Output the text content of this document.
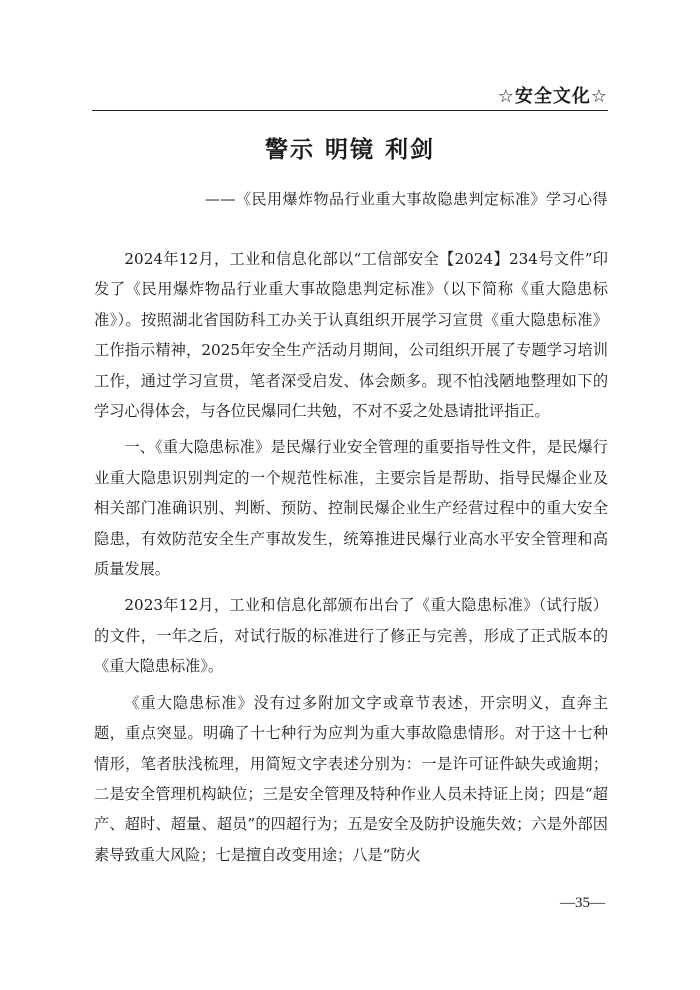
☆安全文化☆
警示 明镜 利剑
——《民用爆炸物品行业重大事故隐患判定标准》学习心得

2024年12月，工业和信息化部以“工信部安全【2024】234号文件”印发了《民用爆炸物品行业重大事故隐患判定标准》（以下简称《重大隐患标准》）。按照湖北省国防科工办关于认真组织开展学习宣贯《重大隐患标准》工作指示精神，2025年安全生产活动月期间，公司组织开展了专题学习培训工作，通过学习宣贯，笔者深受启发、体会颇多。现不怕浅陋地整理如下的学习心得体会，与各位民爆同仁共勉，不对不妥之处恳请批评指正。

一、《重大隐患标准》是民爆行业安全管理的重要指导性文件，是民爆行业重大隐患识别判定的一个规范性标准，主要宗旨是帮助、指导民爆企业及相关部门准确识别、判断、预防、控制民爆企业生产经营过程中的重大安全隐患，有效防范安全生产事故发生，统筹推进民爆行业高水平安全管理和高质量发展。

2023年12月，工业和信息化部颁布出台了《重大隐患标准》（试行版）的文件，一年之后，对试行版的标准进行了修正与完善，形成了正式版本的《重大隐患标准》。

《重大隐患标准》没有过多附加文字或章节表述，开宗明义，直奔主题，重点突显。明确了十七种行为应判为重大事故隐患情形。对于这十七种情形，笔者肤浅梳理，用简短文字表述分别为：一是许可证件缺失或逾期；二是安全管理机构缺位；三是安全管理及特种作业人员未持证上岗；四是“超产、超时、超量、超员”的四超行为；五是安全及防护设施失效；六是外部因素导致重大风险；七是擅自改变用途；八是“防火

—35—
